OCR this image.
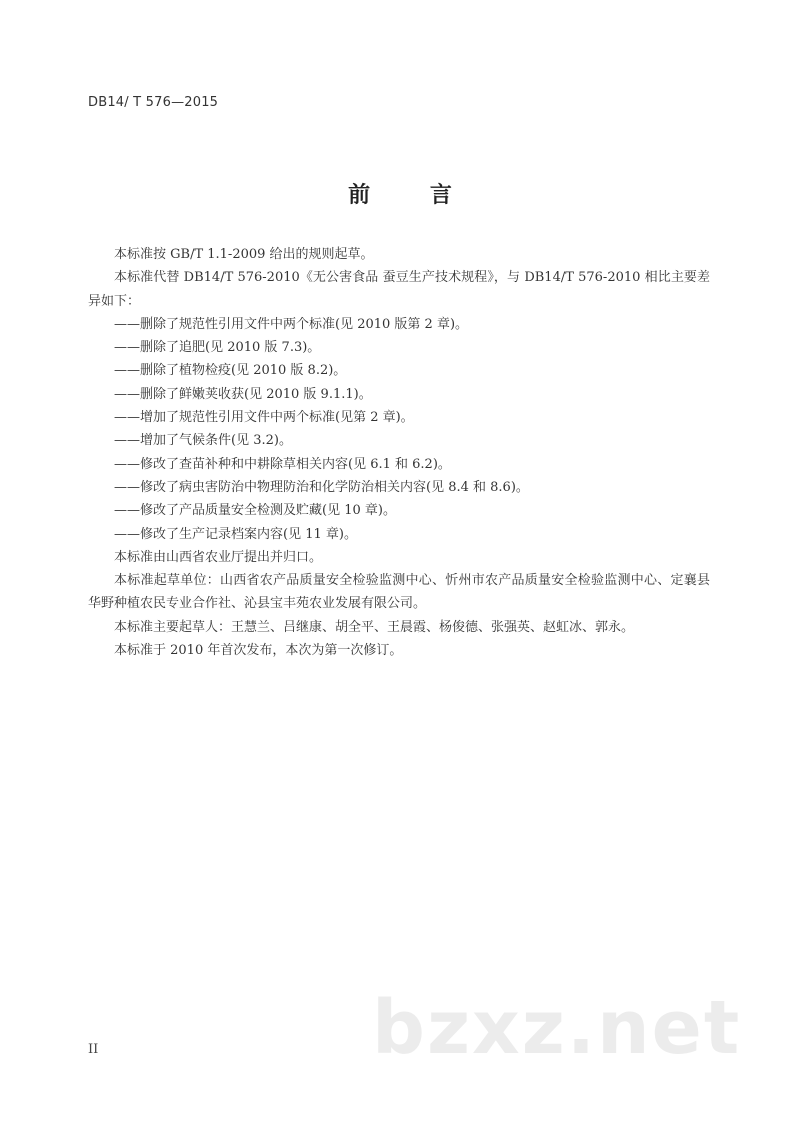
DB14/ T 576—2015
前 言

本标准按 GB/T 1.1-2009 给出的规则起草。

本标准代替 DB14/T 576-2010《无公害食品 蚕豆生产技术规程》，与 DB14/T 576-2010 相比主要差异如下：

——删除了规范性引用文件中两个标准(见 2010 版第 2 章)。

——删除了追肥(见 2010 版 7.3)。

——删除了植物检疫(见 2010 版 8.2)。

——删除了鲜嫩荚收获(见 2010 版 9.1.1)。

——增加了规范性引用文件中两个标准(见第 2 章)。

——增加了气候条件(见 3.2)。

——修改了查苗补种和中耕除草相关内容(见 6.1 和 6.2)。

——修改了病虫害防治中物理防治和化学防治相关内容(见 8.4 和 8.6)。

——修改了产品质量安全检测及贮藏(见 10 章)。

——修改了生产记录档案内容(见 11 章)。

本标准由山西省农业厅提出并归口。

本标准起草单位：山西省农产品质量安全检验监测中心、忻州市农产品质量安全检验监测中心、定襄县华野种植农民专业合作社、沁县宝丰苑农业发展有限公司。

本标准主要起草人：王慧兰、吕继康、胡全平、王晨霞、杨俊德、张强英、赵虹冰、郭永。

本标准于 2010 年首次发布，本次为第一次修订。

bzxz.net
II
